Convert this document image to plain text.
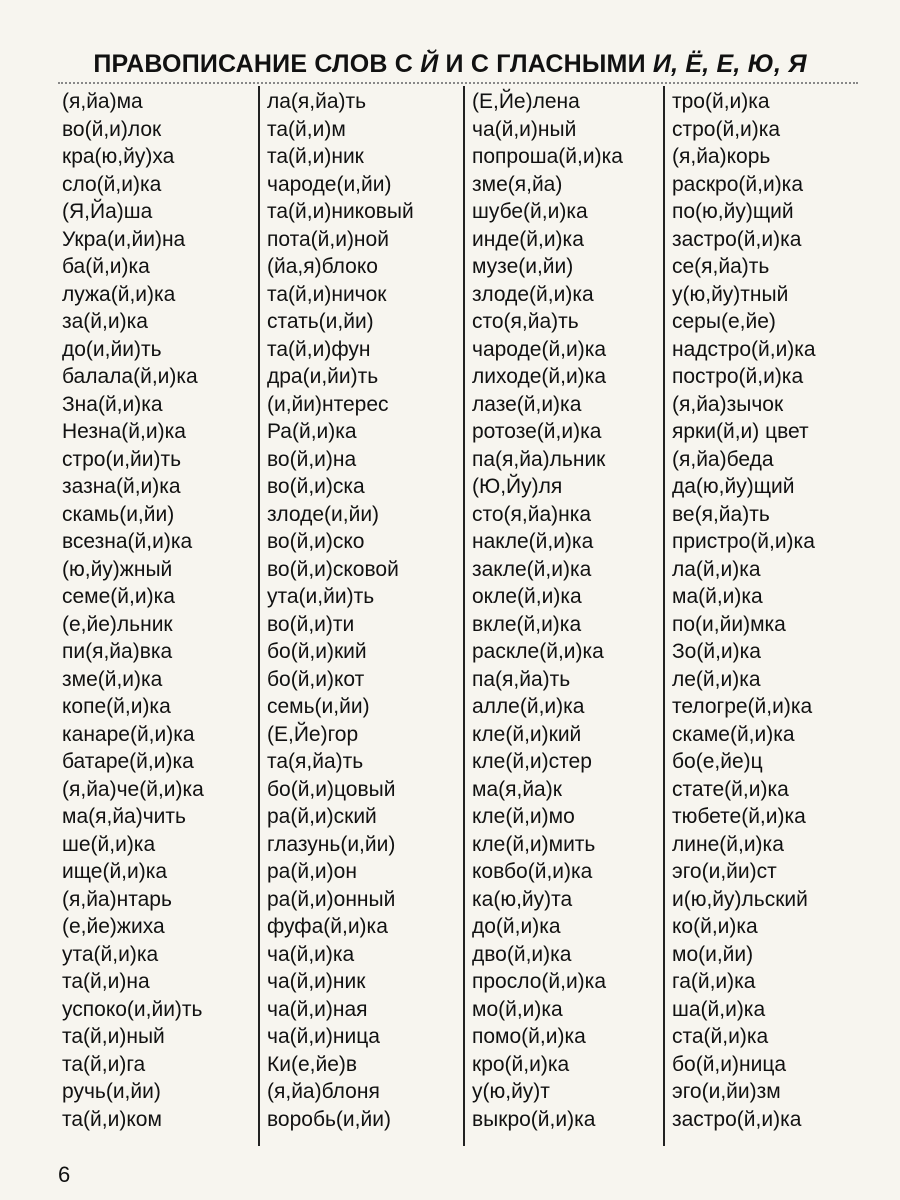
ПРАВОПИСАНИЕ СЛОВ С Й И С ГЛАСНЫМИ И, Ё, Е, Ю, Я
(я,йа)ма
во(й,и)лок
кра(ю,йу)ха
сло(й,и)ка
(Я,Йа)ша
Укра(и,йи)на
ба(й,и)ка
лужа(й,и)ка
за(й,и)ка
до(и,йи)ть
балала(й,и)ка
Зна(й,и)ка
Незна(й,и)ка
стро(и,йи)ть
зазна(й,и)ка
скамь(и,йи)
всезна(й,и)ка
(ю,йу)жный
семе(й,и)ка
(е,йе)льник
пи(я,йа)вка
зме(й,и)ка
копе(й,и)ка
канаре(й,и)ка
батаре(й,и)ка
(я,йа)че(й,и)ка
ма(я,йа)чить
ше(й,и)ка
ище(й,и)ка
(я,йа)нтарь
(е,йе)жиха
ута(й,и)ка
та(й,и)на
успоко(и,йи)ть
та(й,и)ный
та(й,и)га
ручь(и,йи)
та(й,и)ком
ла(я,йа)ть
та(й,и)м
та(й,и)ник
чароде(и,йи)
та(й,и)никовый
пота(й,и)ной
(йа,я)блоко
та(й,и)ничок
стать(и,йи)
та(й,и)фун
дра(и,йи)ть
(и,йи)нтерес
Ра(й,и)ка
во(й,и)на
во(й,и)ска
злоде(и,йи)
во(й,и)ско
во(й,и)сковой
ута(и,йи)ть
во(й,и)ти
бо(й,и)кий
бо(й,и)кот
семь(и,йи)
(Е,Йе)гор
та(я,йа)ть
бо(й,и)цовый
ра(й,и)ский
глазунь(и,йи)
ра(й,и)он
ра(й,и)онный
фуфа(й,и)ка
ча(й,и)ка
ча(й,и)ник
ча(й,и)ная
ча(й,и)ница
Ки(е,йе)в
(я,йа)блоня
воробь(и,йи)
(Е,Йе)лена
ча(й,и)ный
попроша(й,и)ка
зме(я,йа)
шубе(й,и)ка
инде(й,и)ка
музе(и,йи)
злоде(й,и)ка
сто(я,йа)ть
чароде(й,и)ка
лиходе(й,и)ка
лазе(й,и)ка
ротозе(й,и)ка
па(я,йа)льник
(Ю,Йу)ля
сто(я,йа)нка
накле(й,и)ка
закле(й,и)ка
окле(й,и)ка
вкле(й,и)ка
раскле(й,и)ка
па(я,йа)ть
алле(й,и)ка
кле(й,и)кий
кле(й,и)стер
ма(я,йа)к
кле(й,и)мо
кле(й,и)мить
ковбо(й,и)ка
ка(ю,йу)та
до(й,и)ка
дво(й,и)ка
просло(й,и)ка
мо(й,и)ка
помо(й,и)ка
кро(й,и)ка
у(ю,йу)т
выкро(й,и)ка
тро(й,и)ка
стро(й,и)ка
(я,йа)корь
раскро(й,и)ка
по(ю,йу)щий
застро(й,и)ка
се(я,йа)ть
у(ю,йу)тный
серы(е,йе)
надстро(й,и)ка
постро(й,и)ка
(я,йа)зычок
ярки(й,и) цвет
(я,йа)беда
да(ю,йу)щий
ве(я,йа)ть
пристро(й,и)ка
ла(й,и)ка
ма(й,и)ка
по(и,йи)мка
Зо(й,и)ка
ле(й,и)ка
телогре(й,и)ка
скаме(й,и)ка
бо(е,йе)ц
стате(й,и)ка
тюбете(й,и)ка
лине(й,и)ка
эго(и,йи)ст
и(ю,йу)льский
ко(й,и)ка
мо(и,йи)
га(й,и)ка
ша(й,и)ка
ста(й,и)ка
бо(й,и)ница
эго(и,йи)зм
застро(й,и)ка
6
